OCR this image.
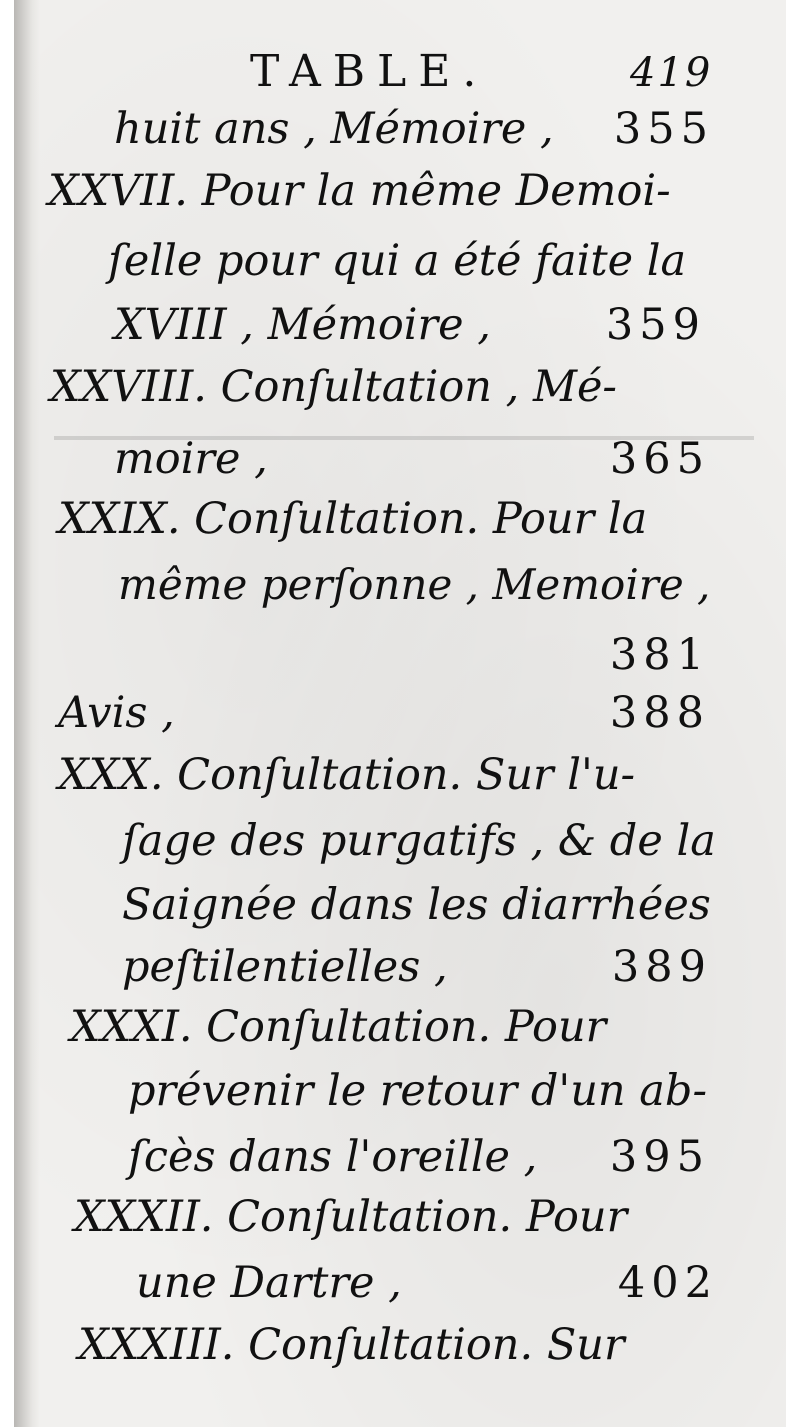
TABLE.	419
huit ans , Mémoire , 355
XXVII. Pour la même Demoi-
ſelle pour qui a été faite la
XVIII , Mémoire ,	359
XXVIII. Conſultation , Mé-
moire ,	365
XXIX. Conſultation. Pour la
même perſonne , Memoire ,
381
Avis ,	388
XXX. Conſultation. Sur l'u-
ſage des purgatifs , & de la
Saignée dans les diarrhées
peſtilentielles ,	389
XXXI. Conſultation. Pour
prévenir le retour d'un ab-
ſcès dans l'oreille , 395
XXXII. Conſultation. Pour
une Dartre ,	402
XXXIII. Conſultation. Sur
